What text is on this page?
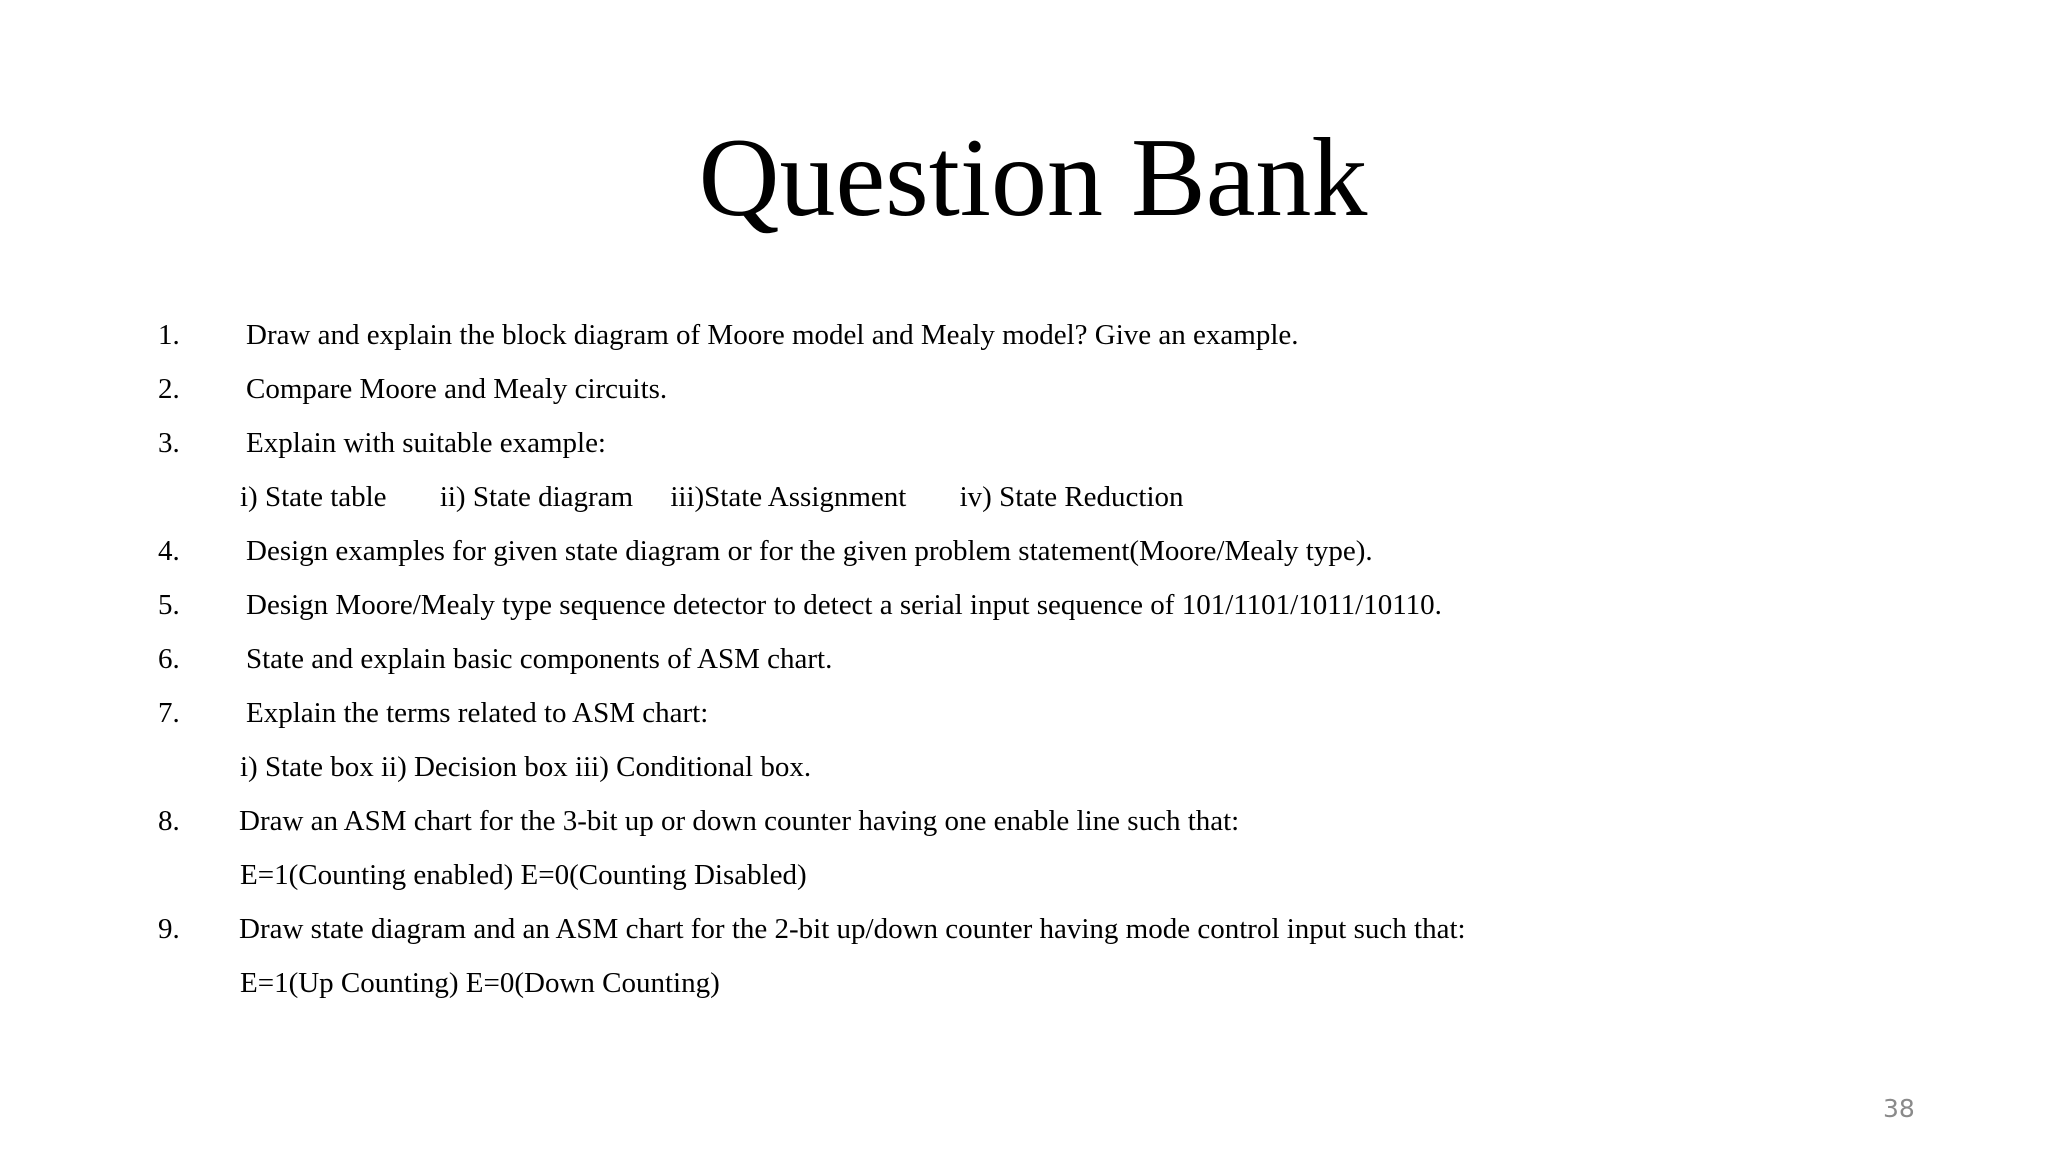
Question Bank
1. Draw and explain the block diagram of Moore model and Mealy model? Give an example.
2. Compare Moore and Mealy circuits.
3. Explain with suitable example:
i) State table ii) State diagram iii)State Assignment iv) State Reduction
4. Design examples for given state diagram or for the given problem statement(Moore/Mealy type).
5. Design Moore/Mealy type sequence detector to detect a serial input sequence of 101/1101/1011/10110.
6. State and explain basic components of ASM chart.
7. Explain the terms related to ASM chart:
i) State box ii) Decision box iii) Conditional box.
8. Draw an ASM chart for the 3-bit up or down counter having one enable line such that:
E=1(Counting enabled) E=0(Counting Disabled)
9. Draw state diagram and an ASM chart for the 2-bit up/down counter having mode control input such that:
E=1(Up Counting) E=0(Down Counting)
38
